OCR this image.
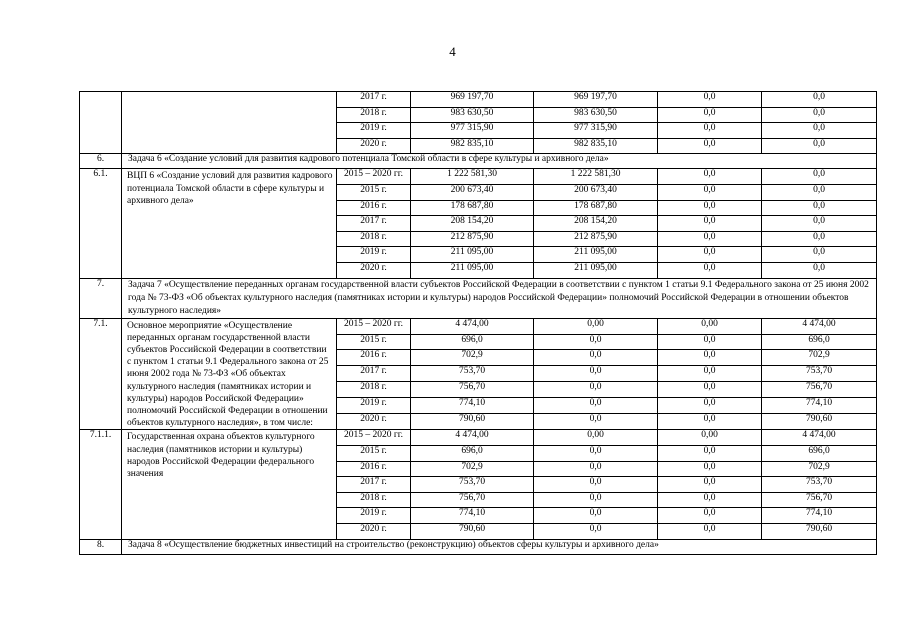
4
		2017 г.	969 197,70	969 197,70	0,0	0,0
		2018 г.	983 630,50	983 630,50	0,0	0,0
		2019 г.	977 315,90	977 315,90	0,0	0,0
		2020 г.	982 835,10	982 835,10	0,0	0,0
6.	Задача 6 «Создание условий для развития кадрового потенциала Томской области в сфере культуры и архивного дела»					
6.1.	ВЦП 6 «Создание условий для развития кадрового потенциала Томской области в сфере культуры и архивного дела»	2015 – 2020 гг.	1 222 581,30	1 222 581,30	0,0	0,0
		2015 г.	200 673,40	200 673,40	0,0	0,0
		2016 г.	178 687,80	178 687,80	0,0	0,0
		2017 г.	208 154,20	208 154,20	0,0	0,0
		2018 г.	212 875,90	212 875,90	0,0	0,0
		2019 г.	211 095,00	211 095,00	0,0	0,0
		2020 г.	211 095,00	211 095,00	0,0	0,0
7.	Задача 7 «Осуществление переданных органам государственной власти субъектов Российской Федерации в соответствии с пунктом 1 статьи 9.1 Федерального закона от 25 июня 2002 года № 73-ФЗ «Об объектах культурного наследия (памятниках истории и культуры) народов Российской Федерации» полномочий Российской Федерации в отношении объектов культурного наследия»					
7.1.	Основное мероприятие «Осуществление переданных органам государственной власти субъектов Российской Федерации в соответствии с пунктом 1 статьи 9.1 Федерального закона от 25 июня 2002 года № 73-ФЗ «Об объектах культурного наследия (памятниках истории и культуры) народов Российской Федерации» полномочий Российской Федерации в отношении объектов культурного наследия», в том числе:	2015 – 2020 гг.	4 474,00	0,00	0,00	4 474,00
		2015 г.	696,0	0,0	0,0	696,0
		2016 г.	702,9	0,0	0,0	702,9
		2017 г.	753,70	0,0	0,0	753,70
		2018 г.	756,70	0,0	0,0	756,70
		2019 г.	774,10	0,0	0,0	774,10
		2020 г.	790,60	0,0	0,0	790,60
7.1.1.	Государственная охрана объектов культурного наследия (памятников истории и культуры) народов Российской Федерации федерального значения	2015 – 2020 гг.	4 474,00	0,00	0,00	4 474,00
		2015 г.	696,0	0,0	0,0	696,0
		2016 г.	702,9	0,0	0,0	702,9
		2017 г.	753,70	0,0	0,0	753,70
		2018 г.	756,70	0,0	0,0	756,70
		2019 г.	774,10	0,0	0,0	774,10
		2020 г.	790,60	0,0	0,0	790,60
8.	Задача 8 «Осуществление бюджетных инвестиций на строительство (реконструкцию) объектов сферы культуры и архивного дела»					
